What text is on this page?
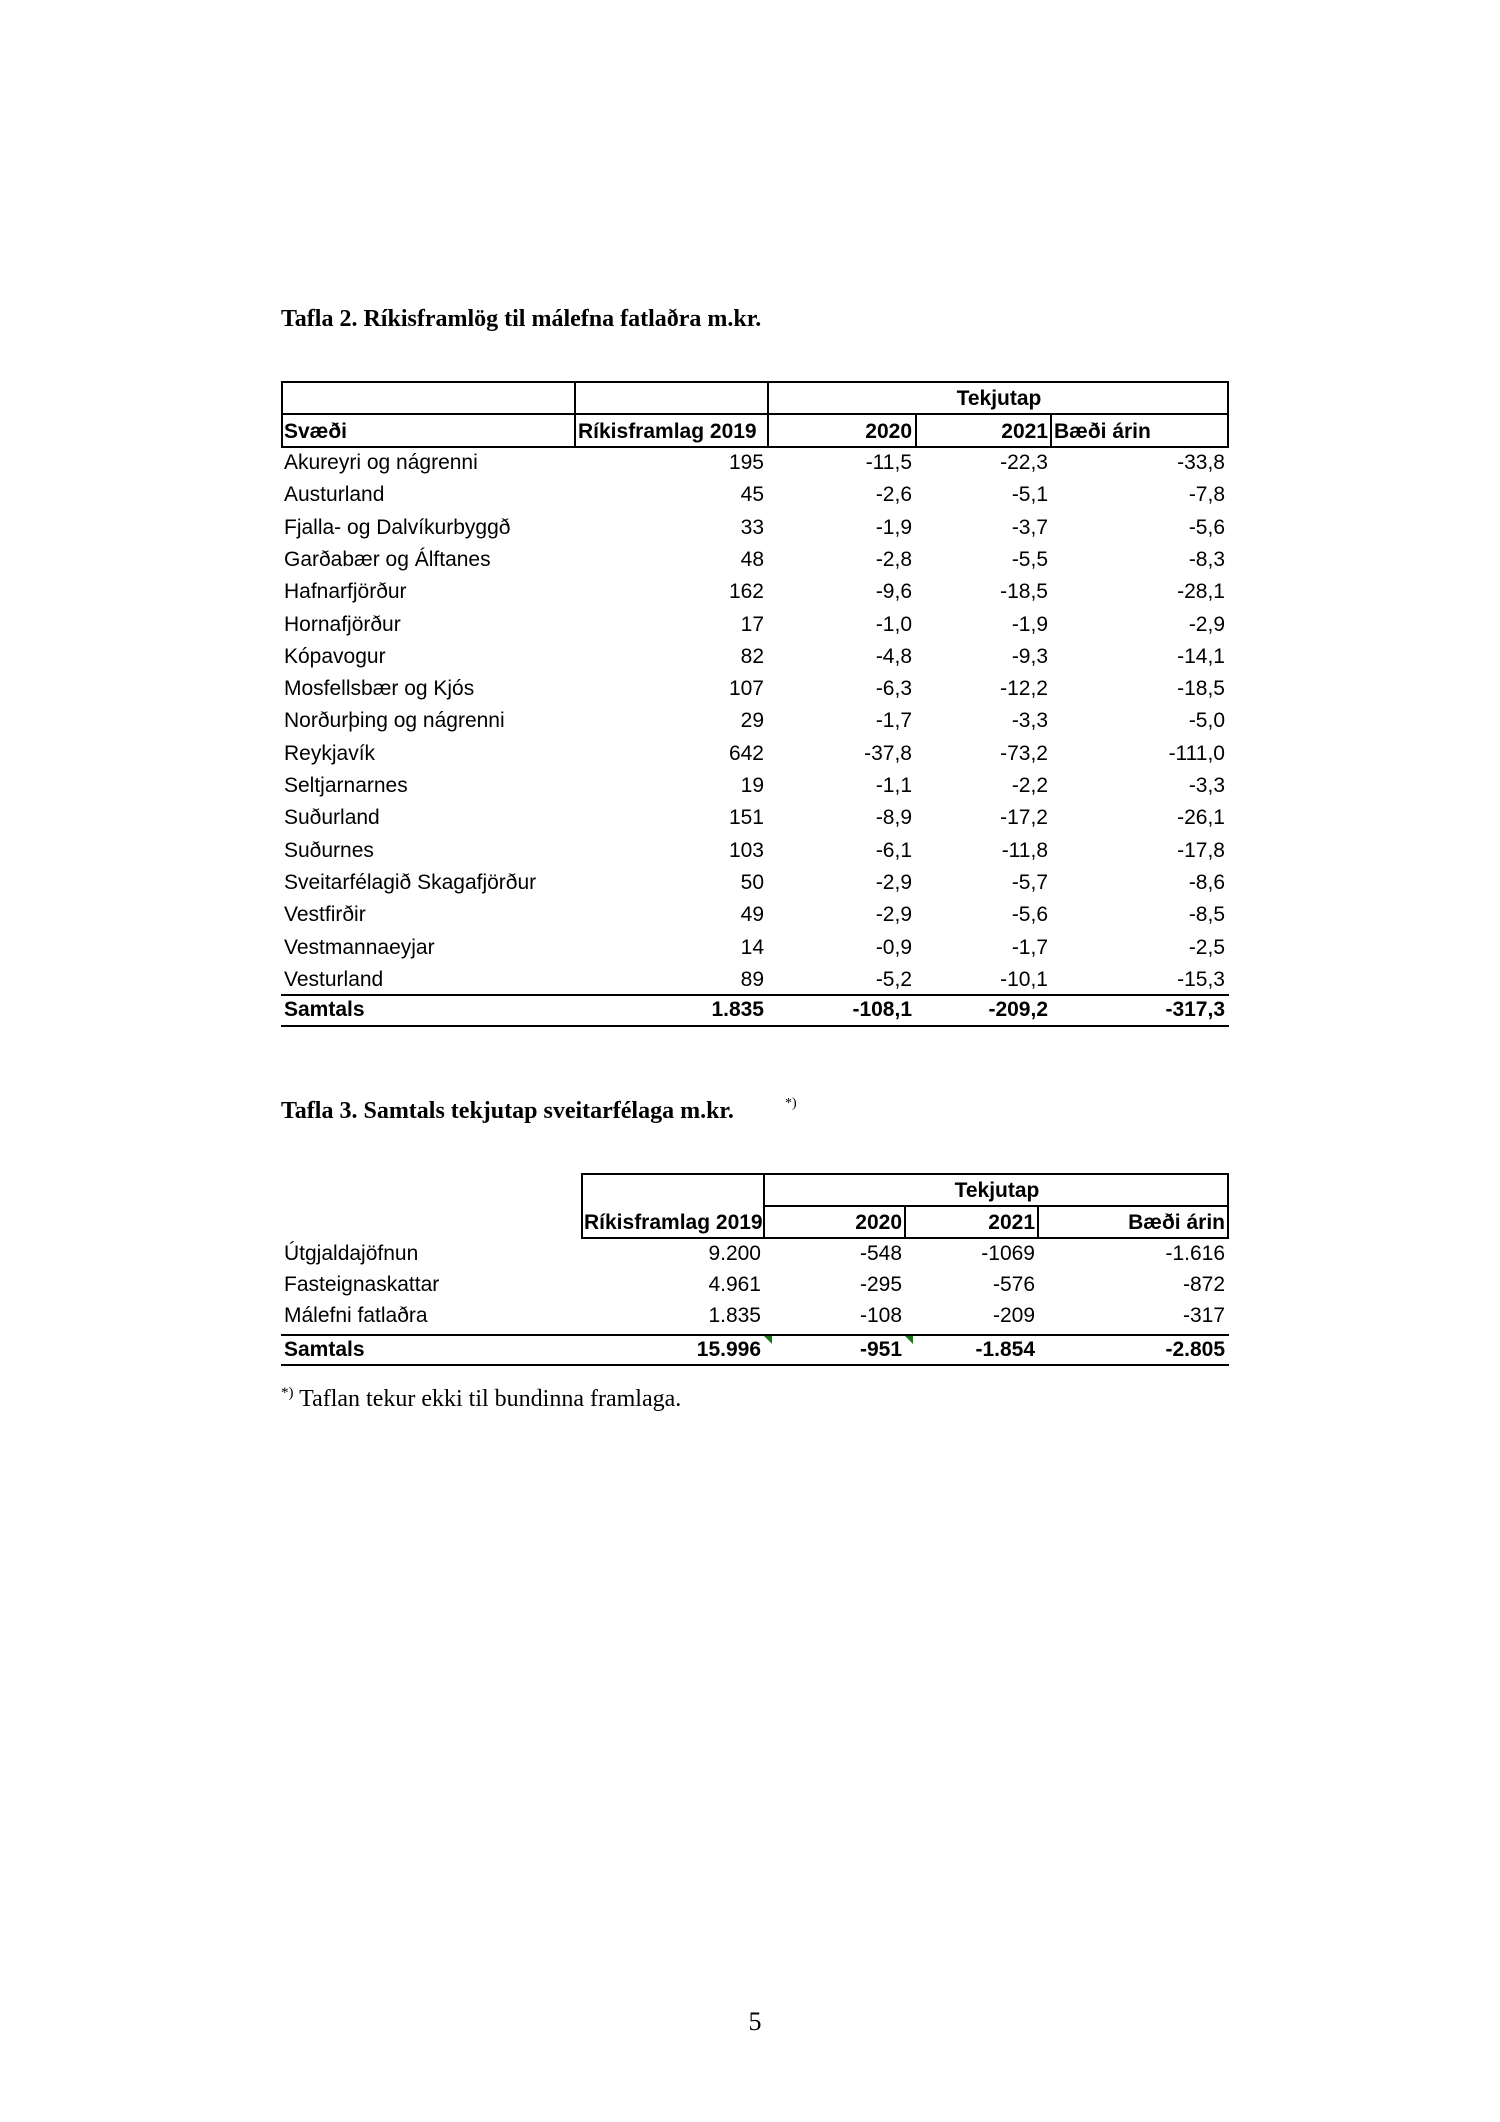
Tafla 2. Ríkisframlög til málefna fatlaðra m.kr.
Tekjutap
Svæði	Ríkisframlag 2019	2020	2021 Bæði árin
Akureyri og nágrenni	195	-11,5	-22,3	-33,8
Austurland	45	-2,6	-5,1	-7,8
Fjalla- og Dalvíkurbyggð	33	-1,9	-3,7	-5,6
Garðabær og Álftanes	48	-2,8	-5,5	-8,3
Hafnarfjörður	162	-9,6	-18,5	-28,1
Hornafjörður	17	-1,0	-1,9	-2,9
Kópavogur	82	-4,8	-9,3	-14,1
Mosfellsbær og Kjós	107	-6,3	-12,2	-18,5
Norðurþing og nágrenni	29	-1,7	-3,3	-5,0
Reykjavík	642	-37,8	-73,2	-111,0
Seltjarnarnes	19	-1,1	-2,2	-3,3
Suðurland	151	-8,9	-17,2	-26,1
Suðurnes	103	-6,1	-11,8	-17,8
Sveitarfélagið Skagafjörður	50	-2,9	-5,7	-8,6
Vestfirðir	49	-2,9	-5,6	-8,5
Vestmannaeyjar	14	-0,9	-1,7	-2,5
Vesturland	89	-5,2	-10,1	-15,3
Samtals	1.835	-108,1	-209,2	-317,3
Tafla 3. Samtals tekjutap sveitarfélaga m.kr.	*)
Tekjutap
Ríkisframlag 2019	2020	2021	Bæði árin
Útgjaldajöfnun	9.200	-548	-1069	-1.616
Fasteignaskattar	4.961	-295	-576	-872
Málefni fatlaðra	1.835	-108	-209	-317
Samtals	15.996	-951	-1.854	-2.805
*) Taflan tekur ekki til bundinna framlaga.
5
